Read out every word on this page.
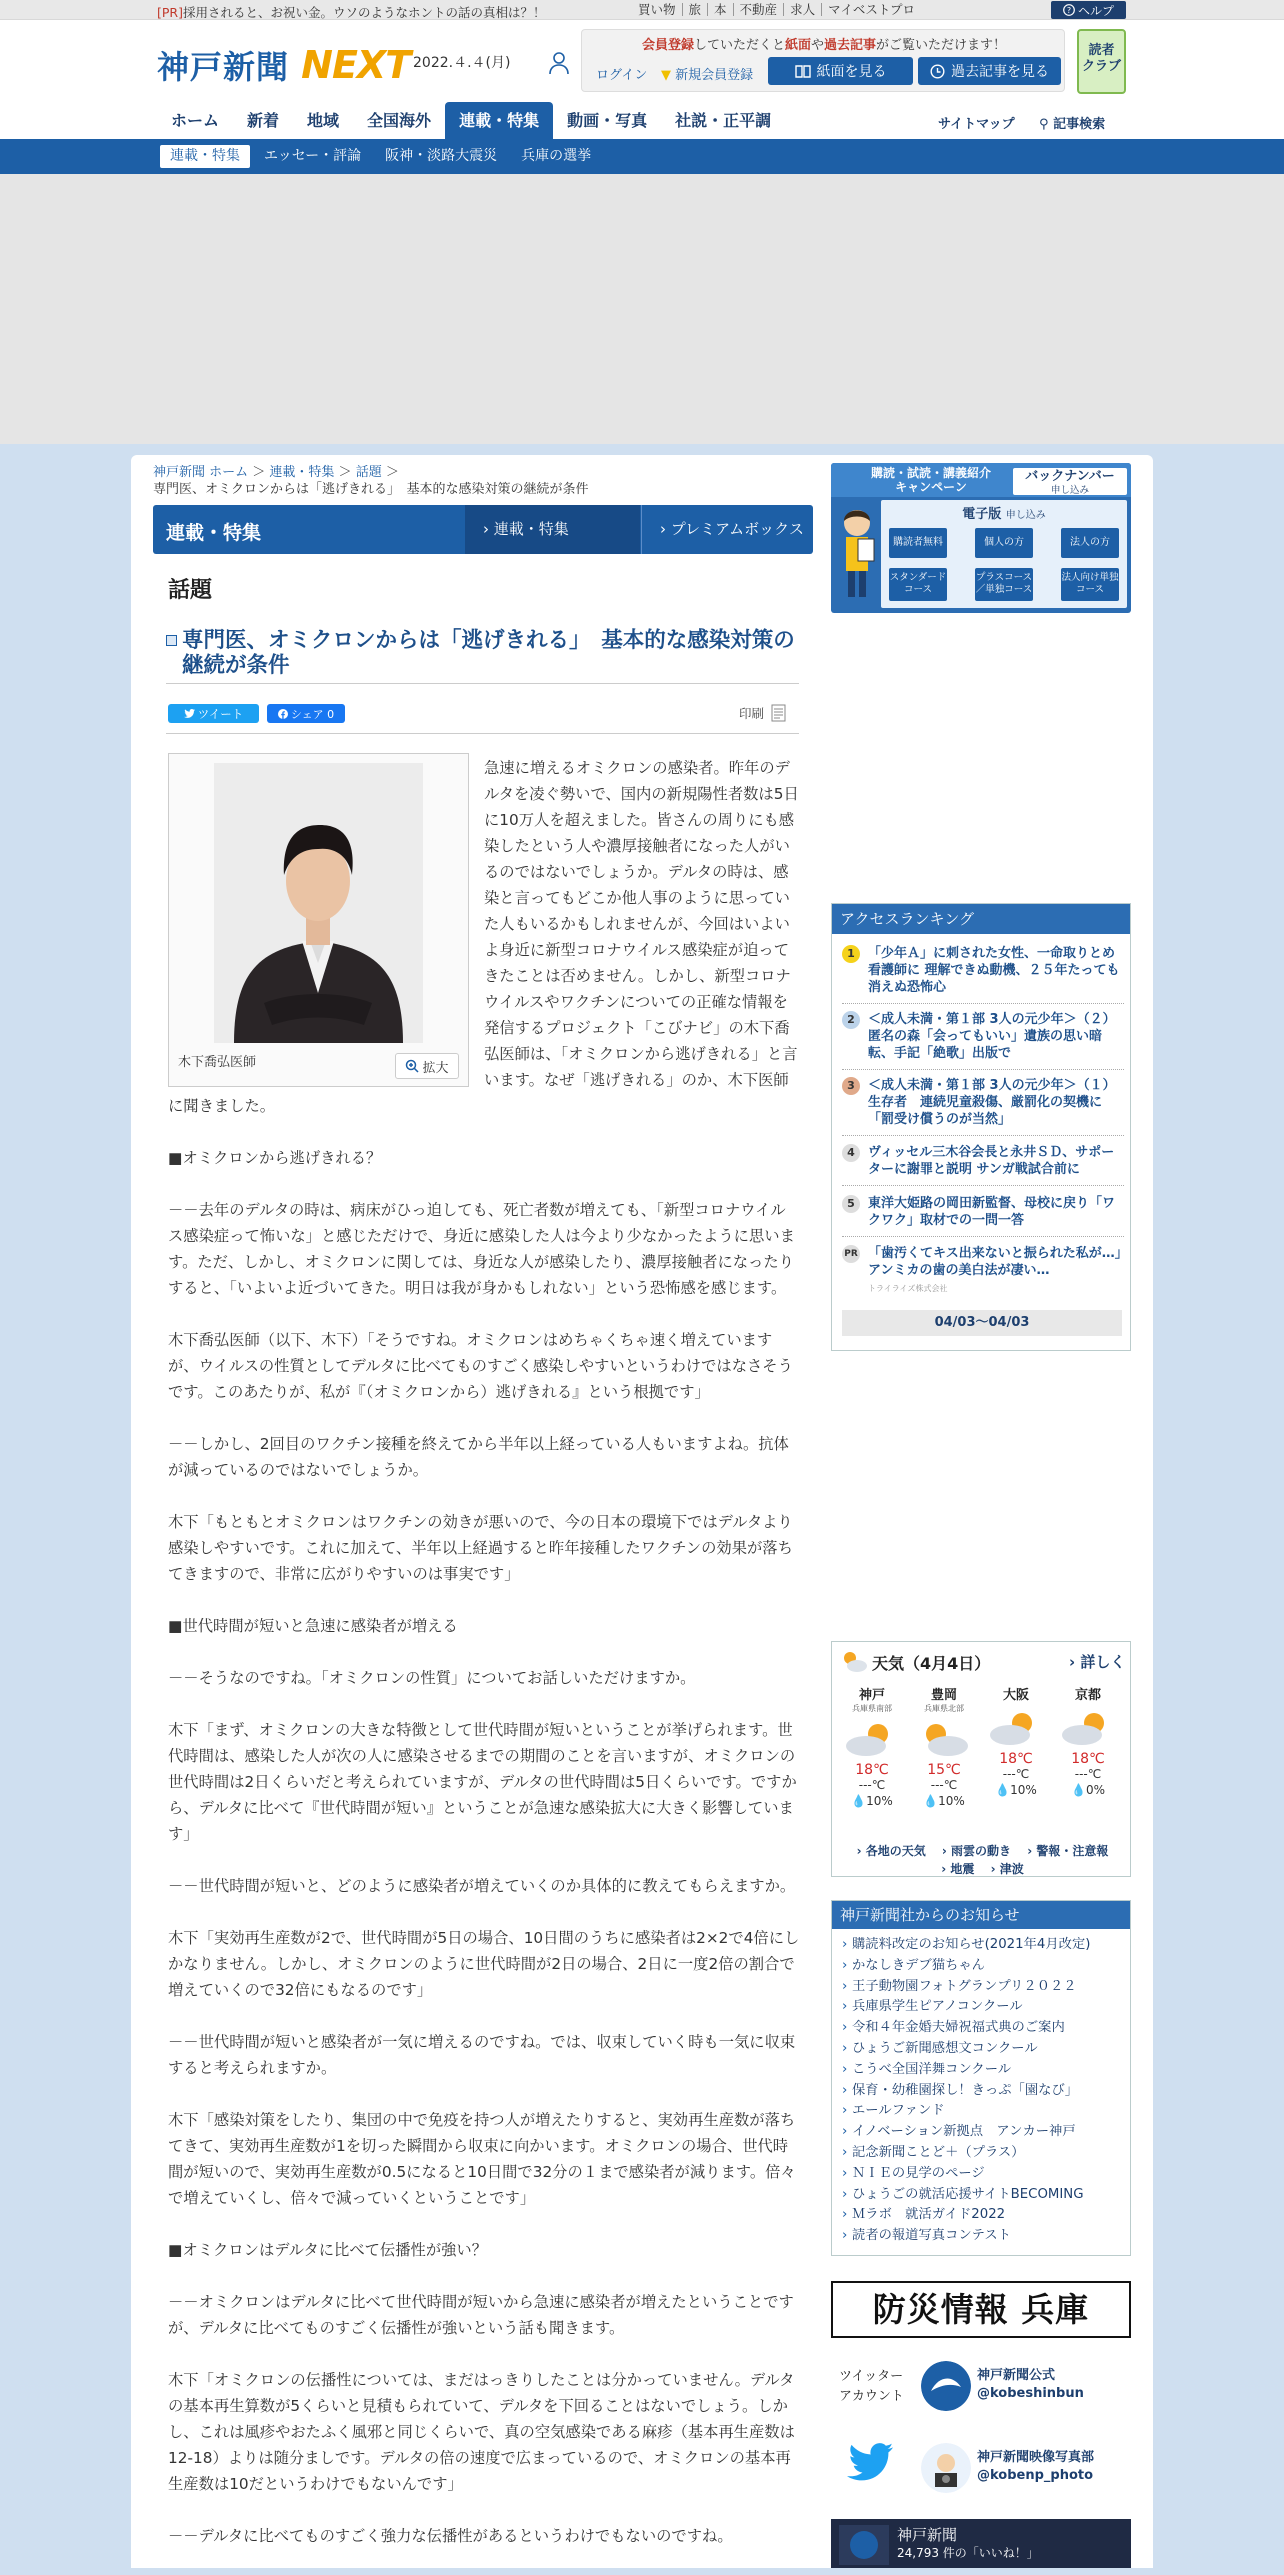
[PR]採用されると、お祝い金。ウソのようなホントの話の真相は？！	買い物	旅	本	不動産	求人	マイベストプロ	? ヘルプ
神戸新聞 NEXT 2022.４.４(月)
会員登録していただくと紙面や過去記事がご覧いただけます！
ログイン ▼ 新規会員登録	紙面を見る	過去記事を見る
読者
クラブ
ホーム	新着	地域	全国海外	連載・特集	動画・写真	社説・正平調	サイトマップ ⚲ 記事検索
連載・特集	エッセー・評論	阪神・淡路大震災	兵庫の選挙
神戸新聞 ホーム ＞ 連載・特集 ＞ 話題 ＞
専門医、オミクロンからは「逃げきれる」　基本的な感染対策の継続が条件
連載・特集	› 連載・特集	› プレミアムボックス
話題
専門医、オミクロンからは「逃げきれる」　基本的な感染対策の継続が条件
ツイート	シェア 0	印刷
木下喬弘医師	拡大

急速に増えるオミクロンの感染者。昨年のデルタを凌ぐ勢いで、国内の新規陽性者数は5日に10万人を超えました。皆さんの周りにも感染したという人や濃厚接触者になった人がいるのではないでしょうか。デルタの時は、感染と言ってもどこか他人事のように思っていた人もいるかもしれませんが、今回はいよいよ身近に新型コロナウイルス感染症が迫ってきたことは否めません。しかし、新型コロナウイルスやワクチンについての正確な情報を発信するプロジェクト「こびナビ」の木下喬弘医師は、「オミクロンから逃げきれる」と言います。なぜ「逃げきれる」のか、木下医師に聞きました。

■オミクロンから逃げきれる？

－－去年のデルタの時は、病床がひっ迫しても、死亡者数が増えても、「新型コロナウイルス感染症って怖いな」と感じただけで、身近に感染した人は今より少なかったように思います。ただ、しかし、オミクロンに関しては、身近な人が感染したり、濃厚接触者になったりすると、「いよいよ近づいてきた。明日は我が身かもしれない」という恐怖感を感じます。

木下喬弘医師（以下、木下）「そうですね。オミクロンはめちゃくちゃ速く増えていますが、ウイルスの性質としてデルタに比べてものすごく感染しやすいというわけではなさそうです。このあたりが、私が『（オミクロンから）逃げきれる』という根拠です」

－－しかし、2回目のワクチン接種を終えてから半年以上経っている人もいますよね。抗体が減っているのではないでしょうか。

木下「もともとオミクロンはワクチンの効きが悪いので、今の日本の環境下ではデルタより感染しやすいです。これに加えて、半年以上経過すると昨年接種したワクチンの効果が落ちてきますので、非常に広がりやすいのは事実です」

■世代時間が短いと急速に感染者が増える

－－そうなのですね。「オミクロンの性質」についてお話しいただけますか。

木下「まず、オミクロンの大きな特徴として世代時間が短いということが挙げられます。世代時間は、感染した人が次の人に感染させるまでの期間のことを言いますが、オミクロンの世代時間は2日くらいだと考えられていますが、デルタの世代時間は5日くらいです。ですから、デルタに比べて『世代時間が短い』ということが急速な感染拡大に大きく影響しています」

－－世代時間が短いと、どのように感染者が増えていくのか具体的に教えてもらえますか。

木下「実効再生産数が2で、世代時間が5日の場合、10日間のうちに感染者は2×2で4倍にしかなりません。しかし、オミクロンのように世代時間が2日の場合、2日に一度2倍の割合で増えていくので32倍にもなるのです」

－－世代時間が短いと感染者が一気に増えるのですね。では、収束していく時も一気に収束すると考えられますか。

木下「感染対策をしたり、集団の中で免疫を持つ人が増えたりすると、実効再生産数が落ちてきて、実効再生産数が1を切った瞬間から収束に向かいます。オミクロンの場合、世代時間が短いので、実効再生産数が0.5になると10日間で32分の１まで感染者が減ります。倍々で増えていくし、倍々で減っていくということです」

■オミクロンはデルタに比べて伝播性が強い？

－－オミクロンはデルタに比べて世代時間が短いから急速に感染者が増えたということですが、デルタに比べてものすごく伝播性が強いという話も聞きます。

木下「オミクロンの伝播性については、まだはっきりしたことは分かっていません。デルタの基本再生算数が5くらいと見積もられていて、デルタを下回ることはないでしょう。しかし、これは風疹やおたふく風邪と同じくらいで、真の空気感染である麻疹（基本再生産数は12-18）よりは随分ましです。デルタの倍の速度で広まっているので、オミクロンの基本再生産数は10だというわけでもないんです」

－－デルタに比べてものすごく強力な伝播性があるというわけでもないのですね。

購読・試読・講義紹介
キャンペーン
バックナンバー
申し込み
電子版 申し込み
購読者無料	個人の方	法人の方
スタンダードコース
プラスコース／単独コース
法人向け単独コース
アクセスランキング
1	「少年Ａ」に刺された女性、一命取りとめ看護師に 理解できぬ動機、２５年たっても消えぬ恐怖心
2	＜成人未満・第１部 3人の元少年＞（２）匿名の森「会ってもいい」遺族の思い暗転、手記「絶歌」出版で
3	＜成人未満・第１部 3人の元少年＞（１）生存者　連続児童殺傷、厳罰化の契機に「罰受け償うのが当然」
4	ヴィッセル三木谷会長と永井ＳＤ、サポーターに謝罪と説明 サンガ戦試合前に
5	東洋大姫路の岡田新監督、母校に戻り「ワクワク」取材での一問一答
PR 「歯汚くてキス出来ないと振られた私が…」アンミカの歯の美白法が凄い…
トライライズ株式会社
04/03～04/03
天気（4月4日）	› 詳しく
神戸
兵庫県南部
18℃
---℃
💧10%
豊岡
兵庫県北部
15℃
---℃
💧10%
大阪
18℃
---℃
💧10%
京都
18℃
---℃
💧0%
› 各地の天気　 › 雨雲の動き　 › 警報・注意報
› 地震　 › 津波
神戸新聞社からのお知らせ
› 購読料改定のお知らせ(2021年4月改定)
› かなしきデブ猫ちゃん
› 王子動物園フォトグランプリ２０２２
› 兵庫県学生ピアノコンクール
› 令和４年金婚夫婦祝福式典のご案内
› ひょうご新聞感想文コンクール
› こうべ全国洋舞コンクール
› 保育・幼稚園探し！きっぷ「園なび」
› エールファンド
› イノベーション新拠点　アンカー神戸
› 記念新聞ことど＋（プラス）
› ＮＩＥの見学のページ
› ひょうごの就活応援サイトBECOMING
› Ｍラボ　就活ガイド2022
› 読者の報道写真コンテスト
防災情報 兵庫
ツイッターアカウント
神戸新聞公式
@kobeshinbun
神戸新聞映像写真部
@kobenp_photo
神戸新聞
24,793 件の「いいね！」
